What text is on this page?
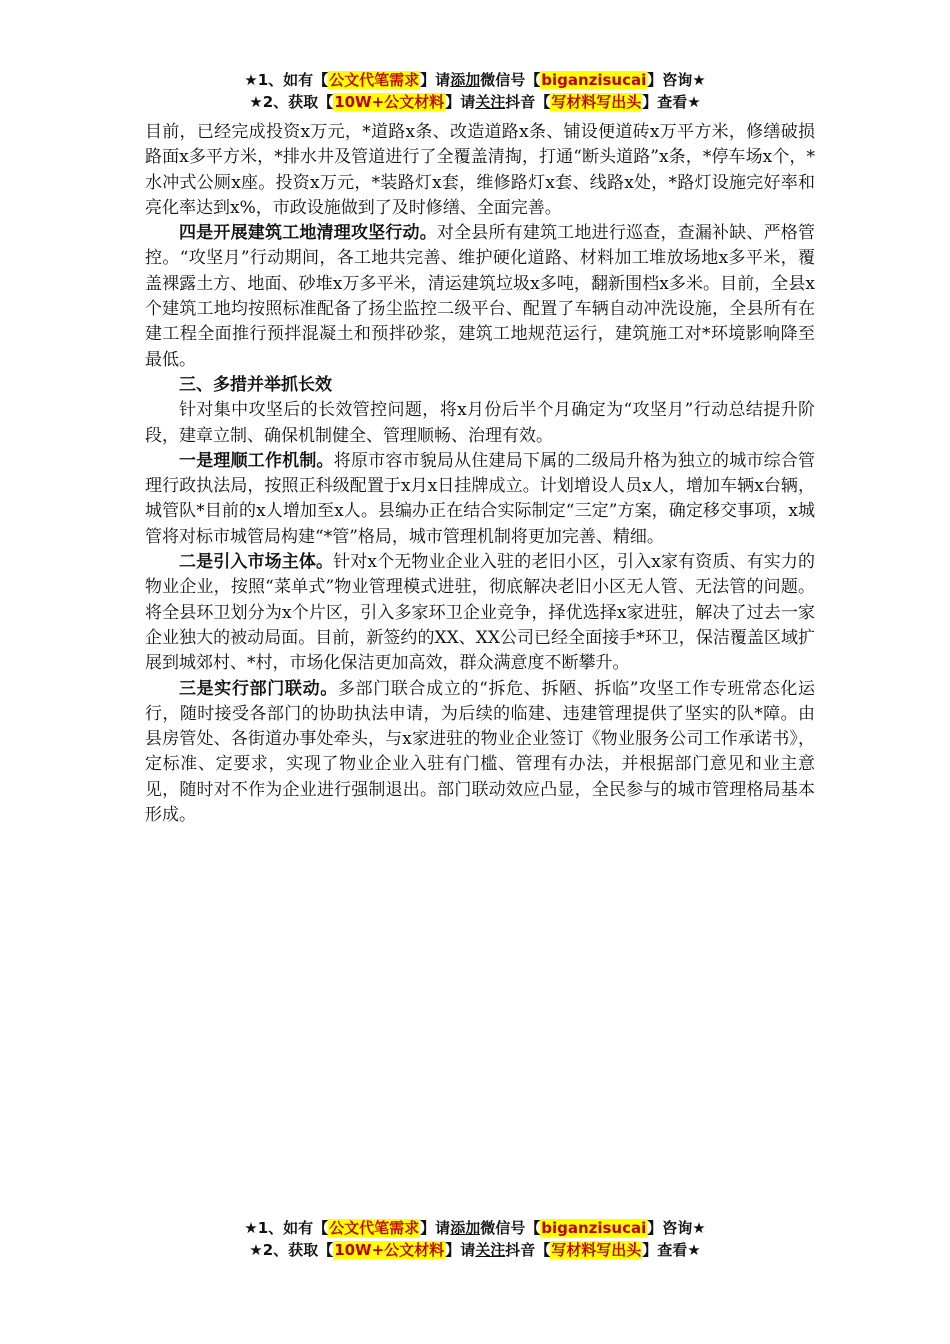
★1、如有【公文代笔需求】请添加微信号【biganzisucai】咨询★
★2、获取【10W+公文材料】请关注抖音【写材料写出头】查看★

目前，已经完成投资x万元，*道路x条、改造道路x条、铺设便道砖x万平方米，修缮破损路面x多平方米，*排水井及管道进行了全覆盖清掏，打通“断头道路”x条，*停车场x个，*水冲式公厕x座。投资x万元，*装路灯x套，维修路灯x套、线路x处，*路灯设施完好率和亮化率达到x%，市政设施做到了及时修缮、全面完善。

四是开展建筑工地清理攻坚行动。对全县所有建筑工地进行巡查，查漏补缺、严格管控。“攻坚月”行动期间，各工地共完善、维护硬化道路、材料加工堆放场地x多平米，覆盖裸露土方、地面、砂堆x万多平米，清运建筑垃圾x多吨，翻新围档x多米。目前，全县x个建筑工地均按照标准配备了扬尘监控二级平台、配置了车辆自动冲洗设施，全县所有在建工程全面推行预拌混凝土和预拌砂浆，建筑工地规范运行，建筑施工对*环境影响降至最低。

三、多措并举抓长效

针对集中攻坚后的长效管控问题，将x月份后半个月确定为“攻坚月”行动总结提升阶段，建章立制、确保机制健全、管理顺畅、治理有效。

一是理顺工作机制。将原市容市貌局从住建局下属的二级局升格为独立的城市综合管理行政执法局，按照正科级配置于x月x日挂牌成立。计划增设人员x人，增加车辆x台辆，城管队*目前的x人增加至x人。县编办正在结合实际制定“三定”方案，确定移交事项，x城管将对标市城管局构建“*管”格局，城市管理机制将更加完善、精细。

二是引入市场主体。针对x个无物业企业入驻的老旧小区，引入x家有资质、有实力的物业企业，按照“菜单式”物业管理模式进驻，彻底解决老旧小区无人管、无法管的问题。将全县环卫划分为x个片区，引入多家环卫企业竞争，择优选择x家进驻，解决了过去一家企业独大的被动局面。目前，新签约的XX、XX公司已经全面接手*环卫，保洁覆盖区域扩展到城郊村、*村，市场化保洁更加高效，群众满意度不断攀升。

三是实行部门联动。多部门联合成立的“拆危、拆陋、拆临”攻坚工作专班常态化运行，随时接受各部门的协助执法申请，为后续的临建、违建管理提供了坚实的队*障。由县房管处、各街道办事处牵头，与x家进驻的物业企业签订《物业服务公司工作承诺书》，定标准、定要求，实现了物业企业入驻有门槛、管理有办法，并根据部门意见和业主意见，随时对不作为企业进行强制退出。部门联动效应凸显，全民参与的城市管理格局基本形成。

★1、如有【公文代笔需求】请添加微信号【biganzisucai】咨询★
★2、获取【10W+公文材料】请关注抖音【写材料写出头】查看★
